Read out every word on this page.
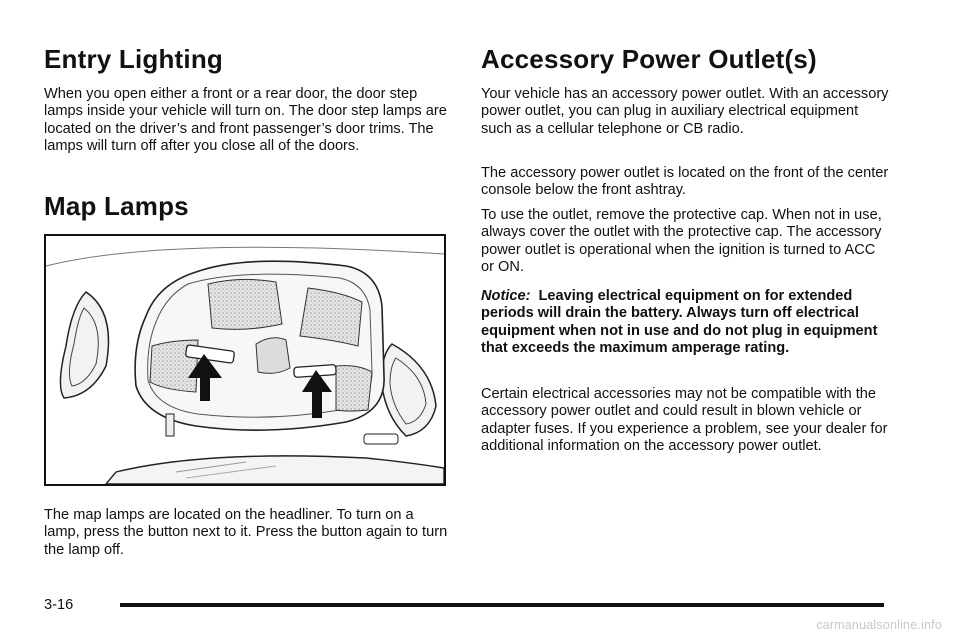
Entry Lighting

When you open either a front or a rear door, the door step lamps inside your vehicle will turn on. The door step lamps are located on the driver’s and front passenger’s door trims. The lamps will turn off after you close all of the doors.

Map Lamps

The map lamps are located on the headliner. To turn on a lamp, press the button next to it. Press the button again to turn the lamp off.

Accessory Power Outlet(s)

Your vehicle has an accessory power outlet. With an accessory power outlet, you can plug in auxiliary electrical equipment such as a cellular telephone or CB radio.

The accessory power outlet is located on the front of the center console below the front ashtray.

To use the outlet, remove the protective cap. When not in use, always cover the outlet with the protective cap. The accessory power outlet is operational when the ignition is turned to ACC or ON.

Notice: Leaving electrical equipment on for extended periods will drain the battery. Always turn off electrical equipment when not in use and do not plug in equipment that exceeds the maximum amperage rating.

Certain electrical accessories may not be compatible with the accessory power outlet and could result in blown vehicle or adapter fuses. If you experience a problem, see your dealer for additional information on the accessory power outlet.

3-16
carmanualsonline.info
